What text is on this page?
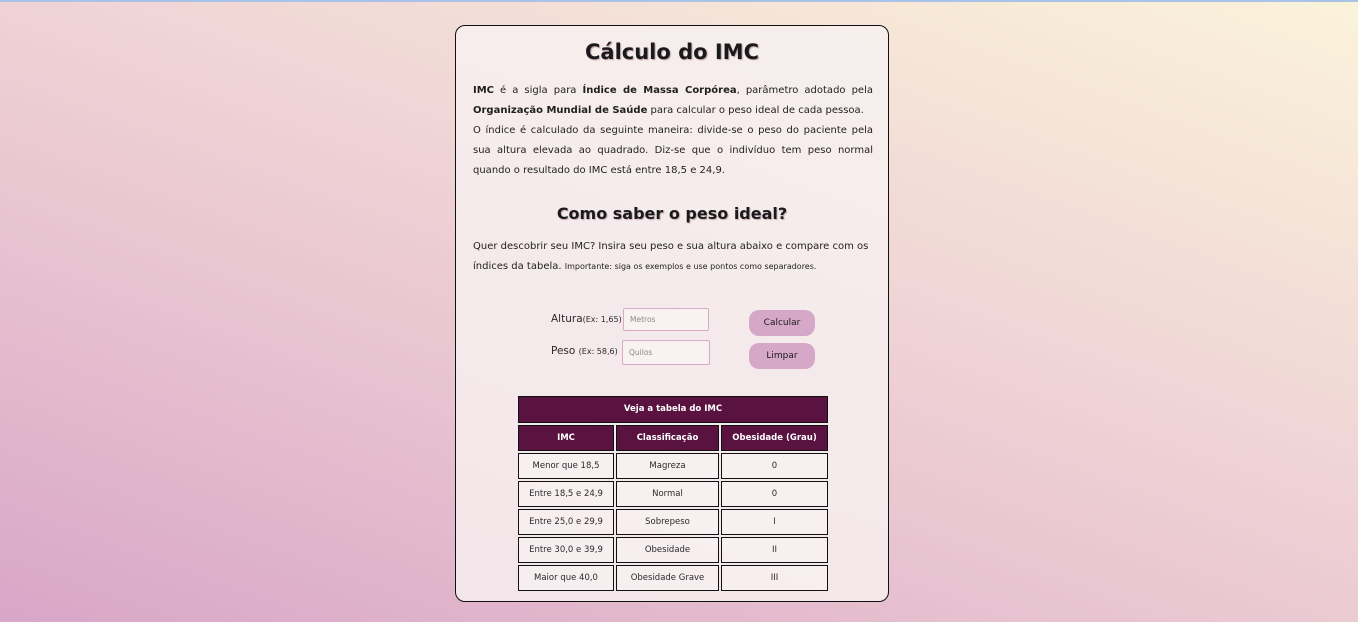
Cálculo do IMC

IMC é a sigla para Índice de Massa Corpórea, parâmetro adotado pela Organização Mundial de Saúde para calcular o peso ideal de cada pessoa.
O índice é calculado da seguinte maneira: divide-se o peso do paciente pela sua altura elevada ao quadrado. Diz-se que o indivíduo tem peso normal quando o resultado do IMC está entre 18,5 e 24,9.

Como saber o peso ideal?

Quer descobrir seu IMC? Insira seu peso e sua altura abaixo e compare com os índices da tabela. Importante: siga os exemplos e use pontos como separadores.

Altura(Ex: 1,65)
Metros
Peso (Ex: 58,6)
Quilos
Calcular
Limpar
Veja a tabela do IMC
IMC	Classificação	Obesidade (Grau)
Menor que 18,5	Magreza	0
Entre 18,5 e 24,9	Normal	0
Entre 25,0 e 29,9	Sobrepeso	I
Entre 30,0 e 39,9	Obesidade	II
Maior que 40,0	Obesidade Grave	III
